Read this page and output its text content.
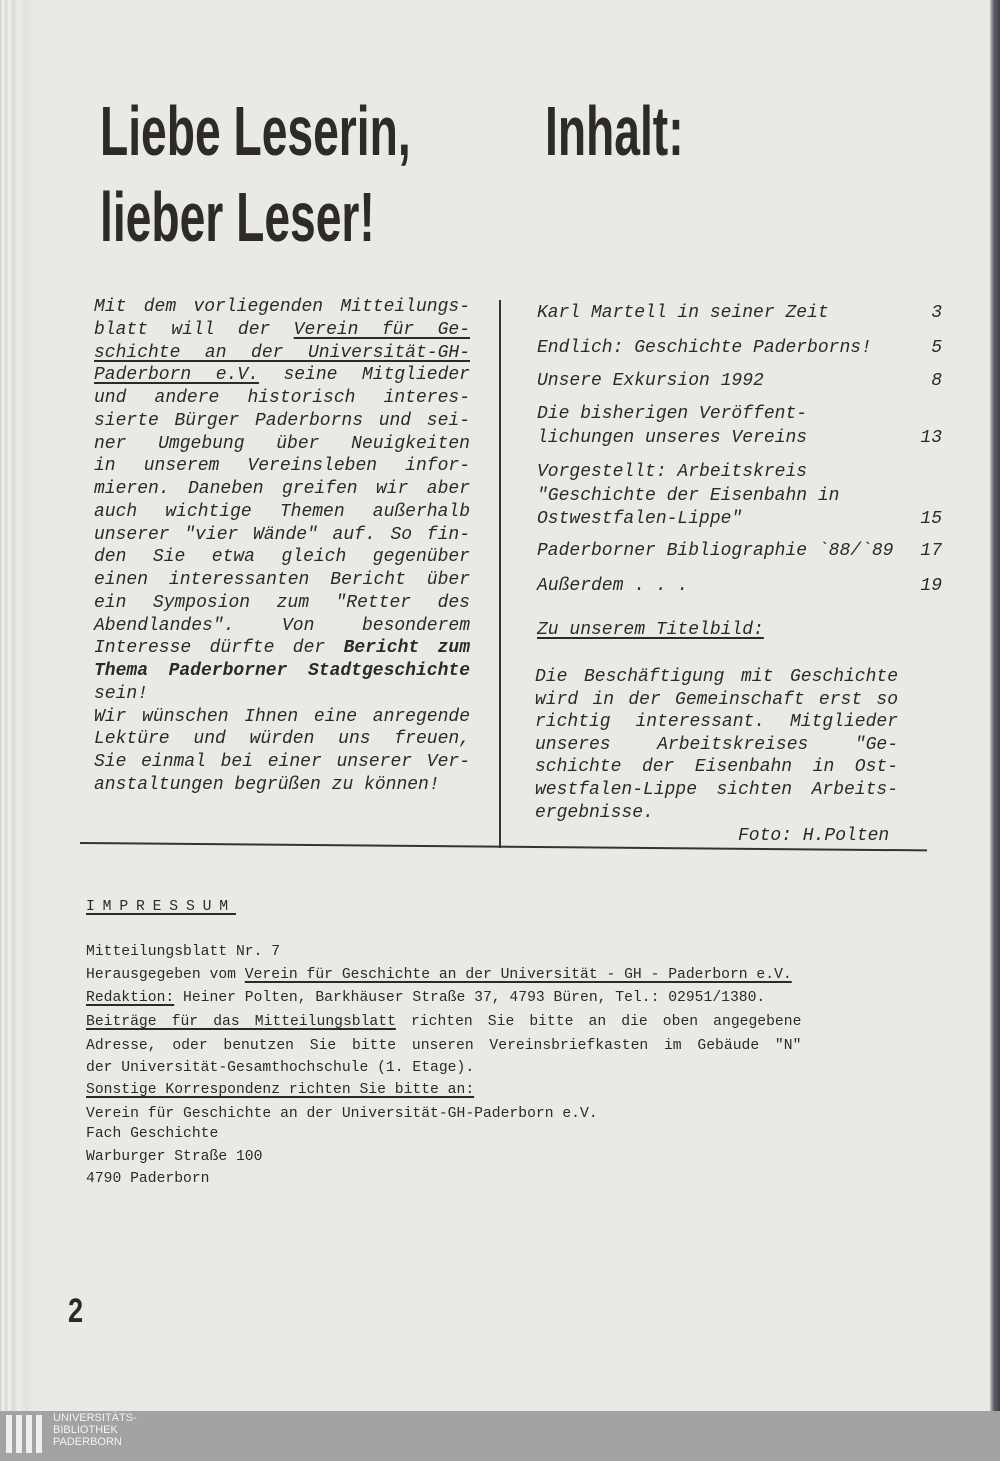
Liebe Leserin,
lieber Leser!
Inhalt:
Mit dem vorliegenden Mitteilungs-
blatt will der Verein für Ge-
schichte an der Universität-GH-
Paderborn e.V. seine Mitglieder
und andere historisch interes-
sierte Bürger Paderborns und sei-
ner Umgebung über Neuigkeiten
in unserem Vereinsleben infor-
mieren. Daneben greifen wir aber
auch wichtige Themen außerhalb
unserer "vier Wände" auf. So fin-
den Sie etwa gleich gegenüber
einen interessanten Bericht über
ein Symposion zum "Retter des
Abendlandes". Von besonderem
Interesse dürfte der Bericht zum
Thema Paderborner Stadtgeschichte
sein!
Wir wünschen Ihnen eine anregende
Lektüre und würden uns freuen,
Sie einmal bei einer unserer Ver-
anstaltungen begrüßen zu können!
Karl Martell in seiner Zeit	3
Endlich: Geschichte Paderborns!	5
Unsere Exkursion 1992	8
Die bisherigen Veröffent-
lichungen unseres Vereins	13
Vorgestellt: Arbeitskreis
"Geschichte der Eisenbahn in
Ostwestfalen-Lippe"	15
Paderborner Bibliographie `88/`89 17
Außerdem . . .	19
Zu unserem Titelbild:
Die Beschäftigung mit Geschichte
wird in der Gemeinschaft erst so
richtig interessant. Mitglieder
unseres Arbeitskreises "Ge-
schichte der Eisenbahn in Ost-
westfalen-Lippe sichten Arbeits-
ergebnisse.
Foto: H.Polten
IMPRESSUM
Mitteilungsblatt Nr. 7
Herausgegeben vom Verein für Geschichte an der Universität - GH - Paderborn e.V.
Redaktion: Heiner Polten, Barkhäuser Straße 37, 4793 Büren, Tel.: 02951/1380.
Beiträge für das Mitteilungsblatt richten Sie bitte an die oben angegebene
Adresse, oder benutzen Sie bitte unseren Vereinsbriefkasten im Gebäude "N"
der Universität-Gesamthochschule (1. Etage).
Sonstige Korrespondenz richten Sie bitte an:
Verein für Geschichte an der Universität-GH-Paderborn e.V.
Fach Geschichte
Warburger Straße 100
4790 Paderborn
2
UNIVERSITÄTS-
BIBLIOTHEK
PADERBORN
